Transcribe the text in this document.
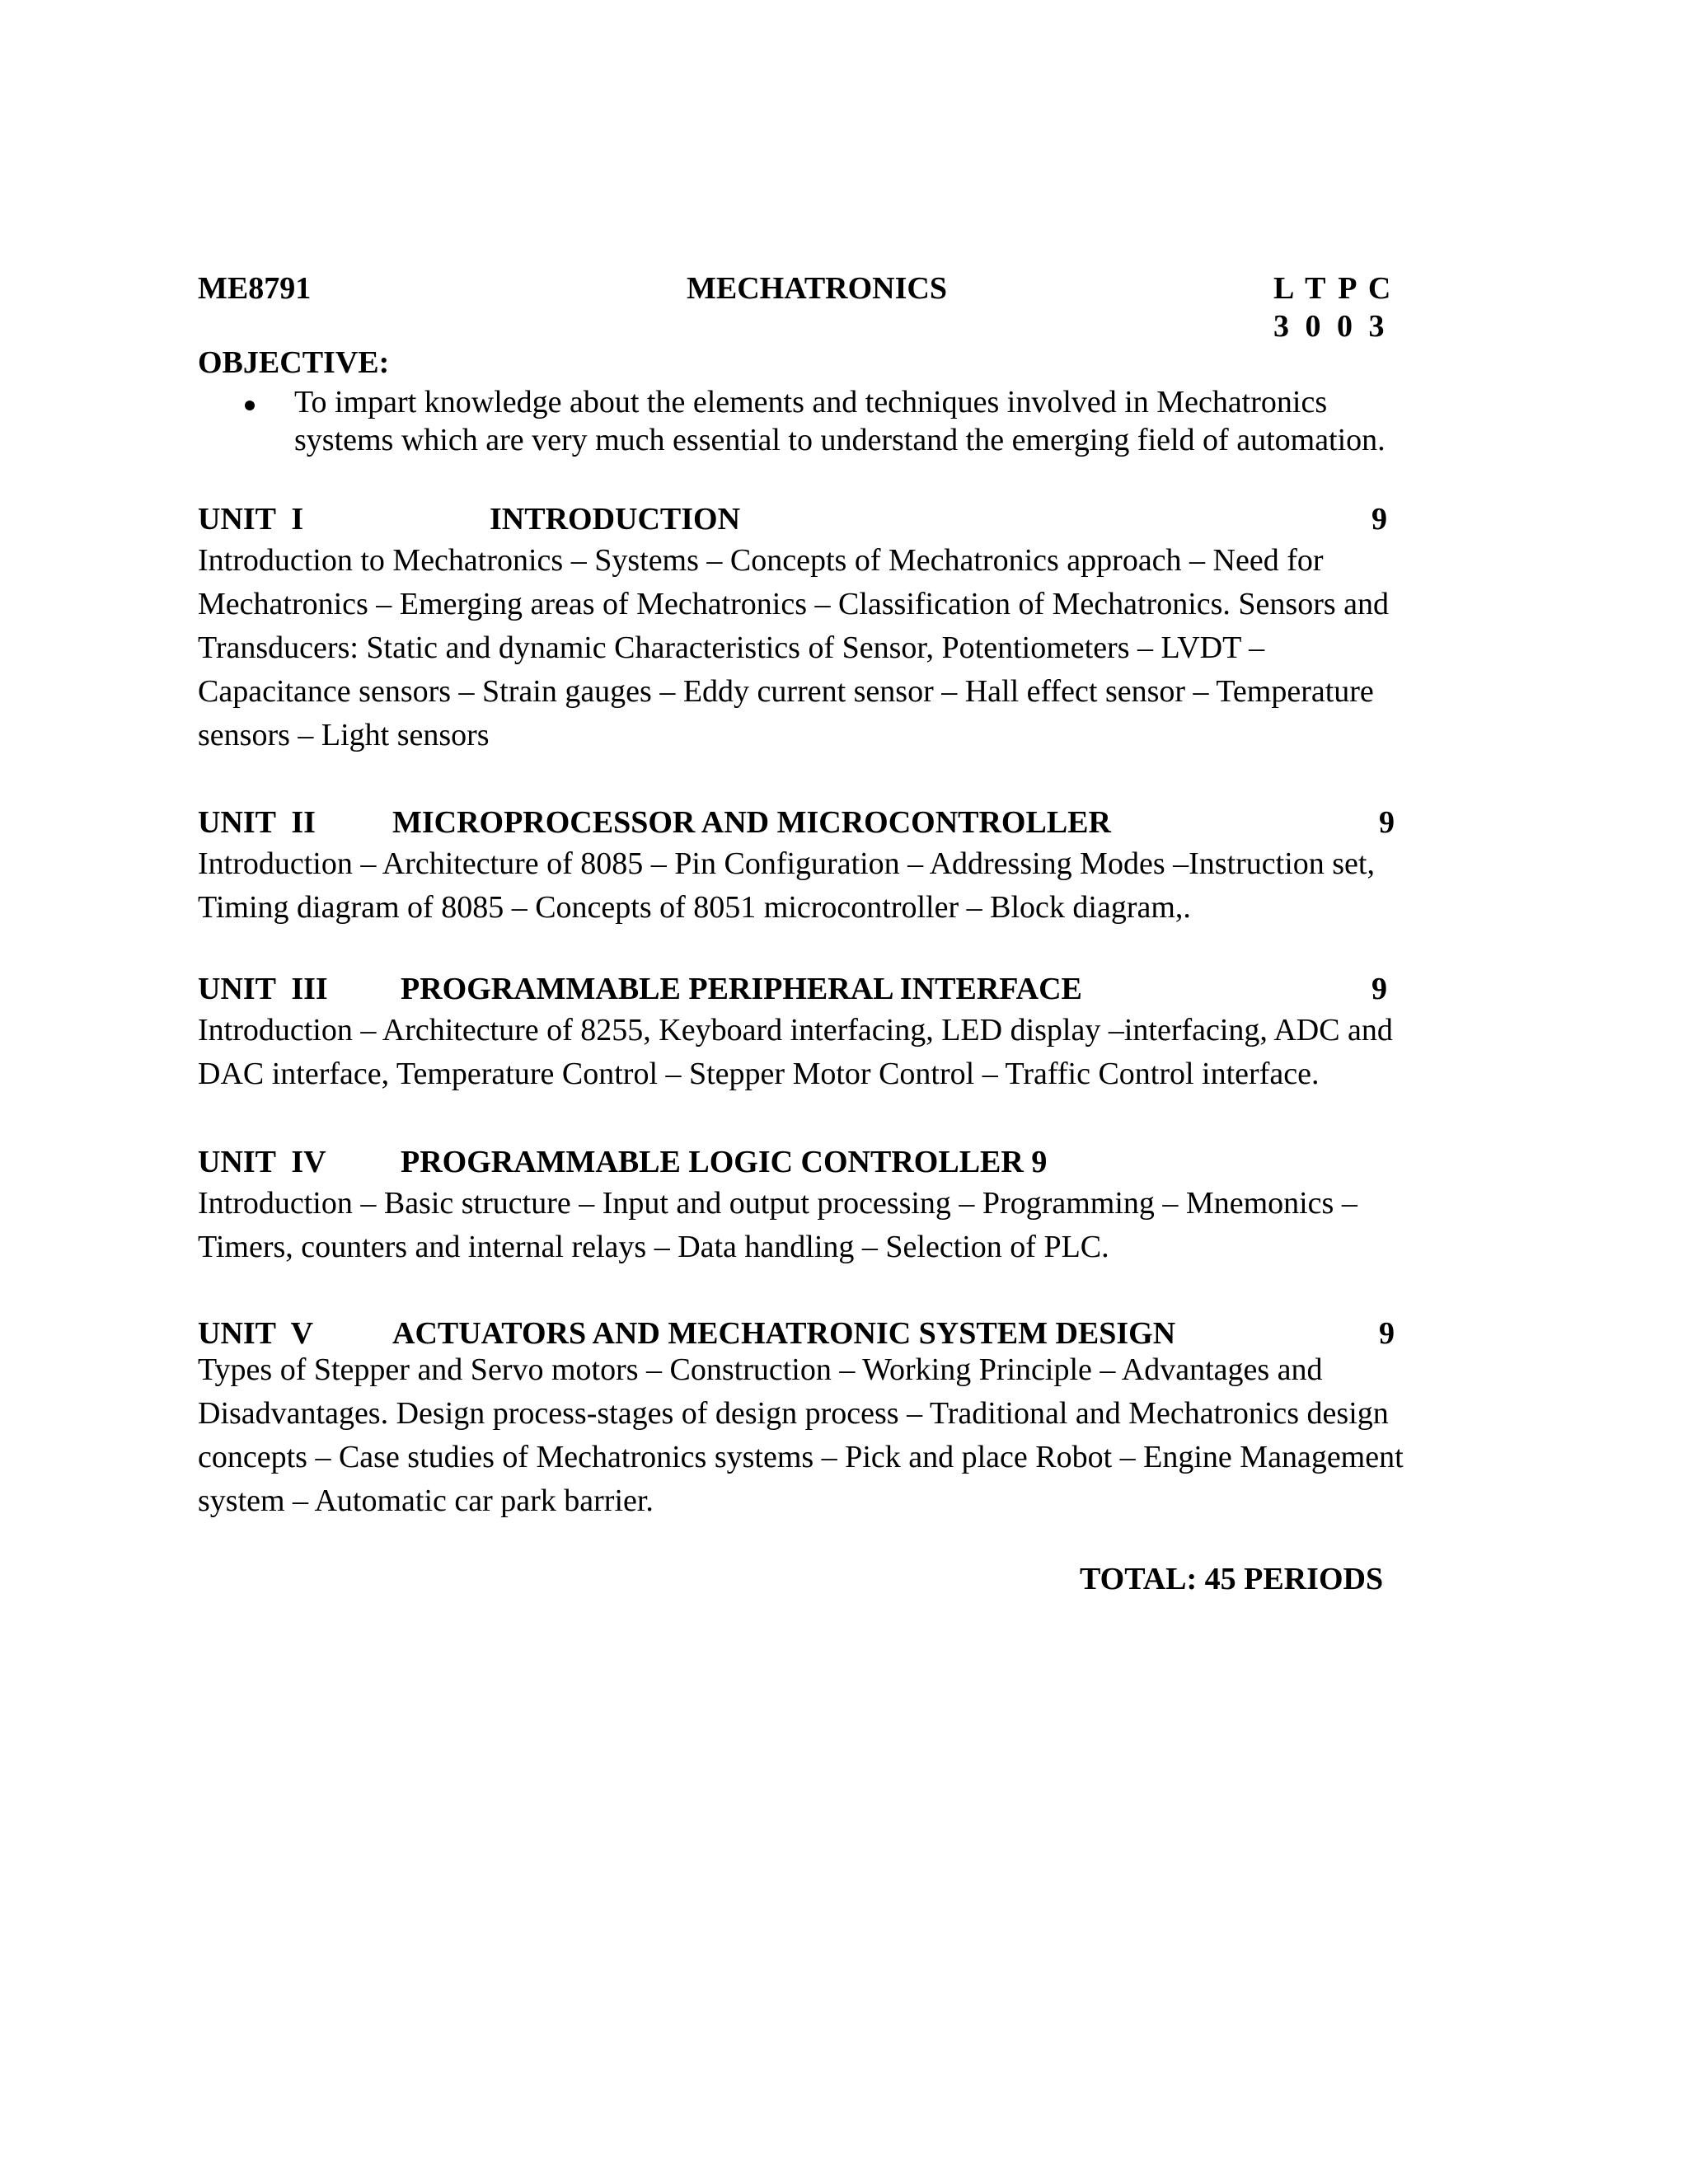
ME8791	MECHATRONICS	L T P C
3 0 0 3
OBJECTIVE:
To impart knowledge about the elements and techniques involved in Mechatronics
systems which are very much essential to understand the emerging field of automation.
UNIT  I	INTRODUCTION	9
Introduction to Mechatronics – Systems – Concepts of Mechatronics approach – Need for
Mechatronics – Emerging areas of Mechatronics – Classification of Mechatronics. Sensors and
Transducers: Static and dynamic Characteristics of Sensor, Potentiometers – LVDT –
Capacitance sensors – Strain gauges – Eddy current sensor – Hall effect sensor – Temperature
sensors – Light sensors
UNIT  II MICROPROCESSOR AND MICROCONTROLLER	9
Introduction – Architecture of 8085 – Pin Configuration – Addressing Modes –Instruction set,
Timing diagram of 8085 – Concepts of 8051 microcontroller – Block diagram,.
UNIT  III PROGRAMMABLE PERIPHERAL INTERFACE	9
Introduction – Architecture of 8255, Keyboard interfacing, LED display –interfacing, ADC and
DAC interface, Temperature Control – Stepper Motor Control – Traffic Control interface.
UNIT  IV PROGRAMMABLE LOGIC CONTROLLER 9
Introduction – Basic structure – Input and output processing – Programming – Mnemonics –
Timers, counters and internal relays – Data handling – Selection of PLC.
UNIT  V	ACTUATORS AND MECHATRONIC SYSTEM DESIGN	9
Types of Stepper and Servo motors – Construction – Working Principle – Advantages and
Disadvantages. Design process-stages of design process – Traditional and Mechatronics design
concepts – Case studies of Mechatronics systems – Pick and place Robot – Engine Management
system – Automatic car park barrier.
TOTAL: 45 PERIODS
